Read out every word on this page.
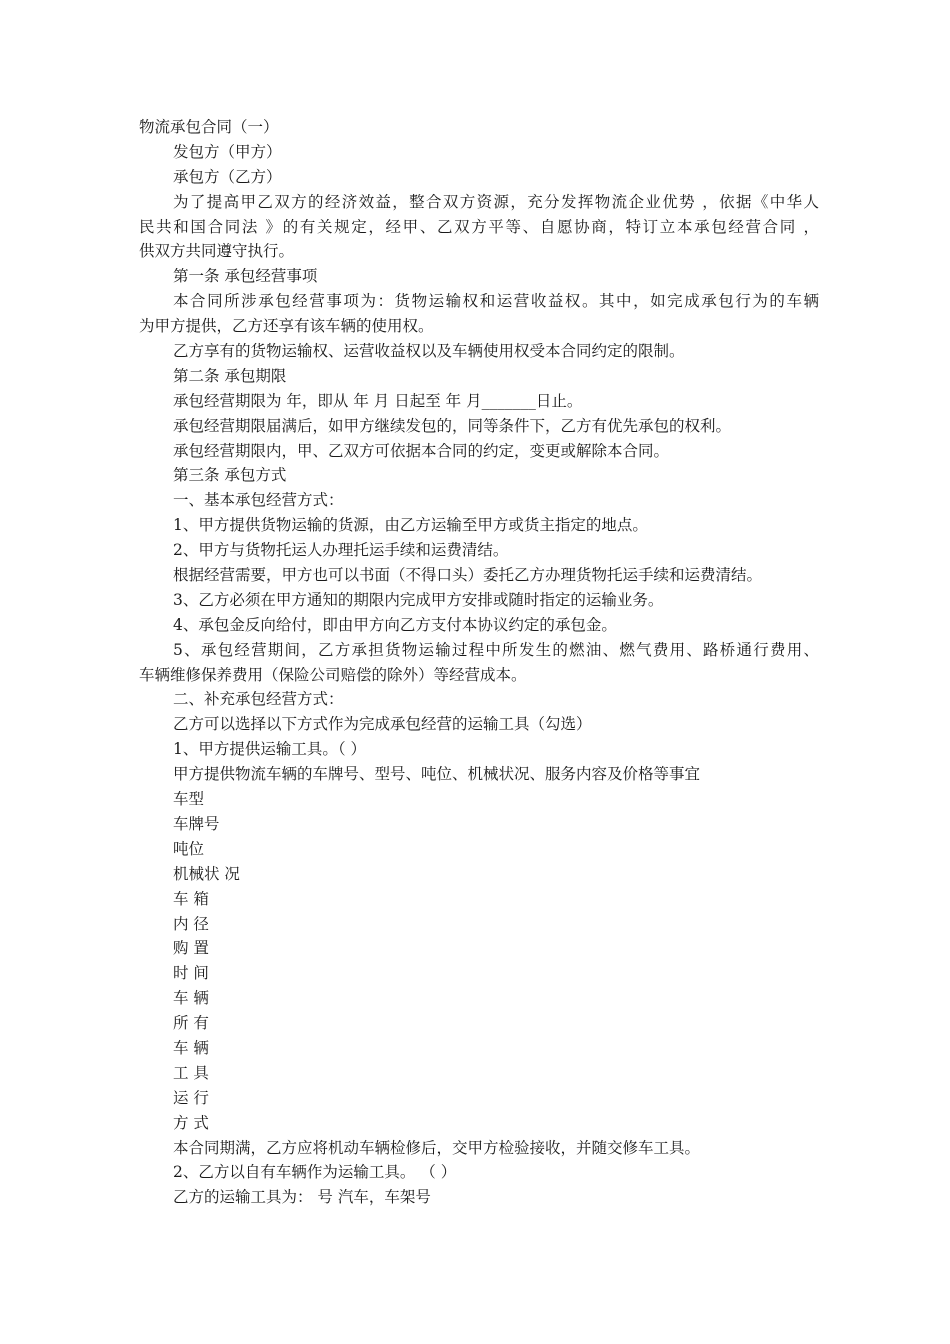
物流承包合同（一）
发包方（甲方）
承包方（乙方）
为了提高甲乙双方的经济效益，整合双方资源，充分发挥物流企业优势 ，依据《中华人
民共和国合同法 》的有关规定，经甲、乙双方平等、自愿协商，特订立本承包经营合同 ，
供双方共同遵守执行。
第一条 承包经营事项
本合同所涉承包经营事项为：货物运输权和运营收益权。其中，如完成承包行为的车辆
为甲方提供，乙方还享有该车辆的使用权。
乙方享有的货物运输权、运营收益权以及车辆使用权受本合同约定的限制。
第二条 承包期限
承包经营期限为 年，即从 年 月 日起至 年 月_______日止。
承包经营期限届满后，如甲方继续发包的，同等条件下，乙方有优先承包的权利。
承包经营期限内，甲、乙双方可依据本合同的约定，变更或解除本合同。
第三条 承包方式
一、基本承包经营方式：
1、甲方提供货物运输的货源，由乙方运输至甲方或货主指定的地点。
2、甲方与货物托运人办理托运手续和运费清结。
根据经营需要，甲方也可以书面（不得口头）委托乙方办理货物托运手续和运费清结。
3、乙方必须在甲方通知的期限内完成甲方安排或随时指定的运输业务。
4、承包金反向给付，即由甲方向乙方支付本协议约定的承包金。
5、承包经营期间，乙方承担货物运输过程中所发生的燃油、燃气费用、路桥通行费用、
车辆维修保养费用（保险公司赔偿的除外）等经营成本。
二、补充承包经营方式：
乙方可以选择以下方式作为完成承包经营的运输工具（勾选）
1、甲方提供运输工具。（ ）
甲方提供物流车辆的车牌号、型号、吨位、机械状况、服务内容及价格等事宜
车型
车牌号
吨位
机械状 况
车 箱
内 径
购 置
时 间
车 辆
所 有
车 辆
工 具
运 行
方 式
本合同期满，乙方应将机动车辆检修后，交甲方检验接收，并随交修车工具。
2、乙方以自有车辆作为运输工具。 （ ）
乙方的运输工具为： 号 汽车，车架号
